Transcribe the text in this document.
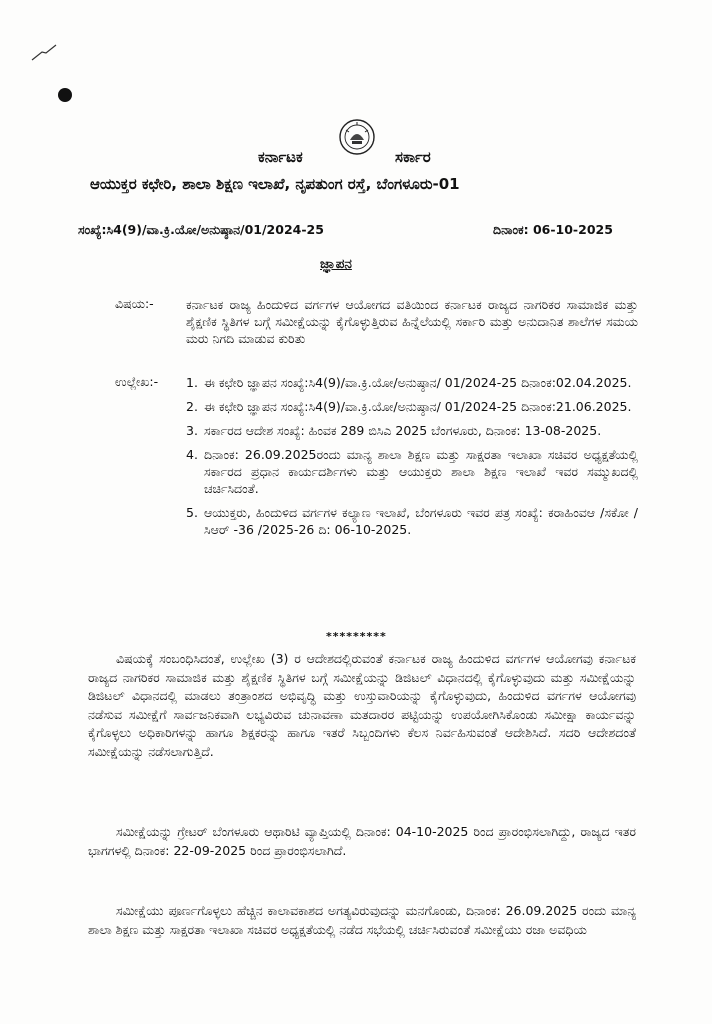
ಕರ್ನಾಟಕ	ಸರ್ಕಾರ
ಆಯುಕ್ತರ ಕಛೇರಿ, ಶಾಲಾ ಶಿಕ್ಷಣ ಇಲಾಖೆ, ನೃಪತುಂಗ ರಸ್ತೆ, ಬೆಂಗಳೂರು-01
ಸಂಖ್ಯೆ:ಸಿ4(9)/ವಾ.ಕ್ರಿ.ಯೋ/ಅನುಷ್ಠಾನ/01/2024-25	ದಿನಾಂಕ: 06-10-2025
ಜ್ಞಾಪನ
ವಿಷಯ:-	ಕರ್ನಾಟಕ ರಾಜ್ಯ ಹಿಂದುಳಿದ ವರ್ಗಗಳ ಆಯೋಗದ ವತಿಯಿಂದ ಕರ್ನಾಟಕ ರಾಜ್ಯದ ನಾಗರಿಕರ ಸಾಮಾಜಿಕ ಮತ್ತು ಶೈಕ್ಷಣಿಕ ಸ್ಥಿತಿಗಳ ಬಗ್ಗೆ ಸಮೀಕ್ಷೆಯನ್ನು ಕೈಗೊಳ್ಳುತ್ತಿರುವ ಹಿನ್ನೆಲೆಯಲ್ಲಿ ಸರ್ಕಾರಿ ಮತ್ತು ಅನುದಾನಿತ ಶಾಲೆಗಳ ಸಮಯ ಮರು ನಿಗದಿ ಮಾಡುವ ಕುರಿತು
ಉಲ್ಲೇಖ:- 1. ಈ ಕಛೇರಿ ಜ್ಞಾಪನ ಸಂಖ್ಯೆ:ಸಿ4(9)/ವಾ.ಕ್ರಿ.ಯೋ/ಅನುಷ್ಠಾನ/ 01/2024-25 ದಿನಾಂಕ:02.04.2025.
2. ಈ ಕಛೇರಿ ಜ್ಞಾಪನ ಸಂಖ್ಯೆ:ಸಿ4(9)/ವಾ.ಕ್ರಿ.ಯೋ/ಅನುಷ್ಠಾನ/ 01/2024-25 ದಿನಾಂಕ:21.06.2025.
3. ಸರ್ಕಾರದ ಆದೇಶ ಸಂಖ್ಯೆ: ಹಿಂವಕ 289 ಬಿಸಿಎ 2025 ಬೆಂಗಳೂರು, ದಿನಾಂಕ: 13-08-2025.
4. ದಿನಾಂಕ: 26.09.2025ರಂದು ಮಾನ್ಯ ಶಾಲಾ ಶಿಕ್ಷಣ ಮತ್ತು ಸಾಕ್ಷರತಾ ಇಲಾಖಾ ಸಚಿವರ ಅಧ್ಯಕ್ಷತೆಯಲ್ಲಿ ಸರ್ಕಾರದ ಪ್ರಧಾನ ಕಾರ್ಯದರ್ಶಿಗಳು ಮತ್ತು ಆಯುಕ್ತರು ಶಾಲಾ ಶಿಕ್ಷಣ ಇಲಾಖೆ ಇವರ ಸಮ್ಮುಖದಲ್ಲಿ ಚರ್ಚಿಸಿದಂತೆ.
5. ಆಯುಕ್ತರು, ಹಿಂದುಳಿದ ವರ್ಗಗಳ ಕಲ್ಯಾಣ ಇಲಾಖೆ, ಬೆಂಗಳೂರು ಇವರ ಪತ್ರ ಸಂಖ್ಯೆ: ಕರಾಹಿಂವಆ /ಸಕೋ /ಸಿಆರ್ -36 /2025-26 ದಿ: 06-10-2025.
*********
ವಿಷಯಕ್ಕೆ ಸಂಬಂಧಿಸಿದಂತೆ, ಉಲ್ಲೇಖ (3) ರ ಆದೇಶದಲ್ಲಿರುವಂತೆ ಕರ್ನಾಟಕ ರಾಜ್ಯ ಹಿಂದುಳಿದ ವರ್ಗಗಳ ಆಯೋಗವು ಕರ್ನಾಟಕ ರಾಜ್ಯದ ನಾಗರಿಕರ ಸಾಮಾಜಿಕ ಮತ್ತು ಶೈಕ್ಷಣಿಕ ಸ್ಥಿತಿಗಳ ಬಗ್ಗೆ ಸಮೀಕ್ಷೆಯನ್ನು ಡಿಜಿಟಲ್ ವಿಧಾನದಲ್ಲಿ ಕೈಗೊಳ್ಳುವುದು ಮತ್ತು ಸಮೀಕ್ಷೆಯನ್ನು ಡಿಜಿಟಲ್ ವಿಧಾನದಲ್ಲಿ ಮಾಡಲು ತಂತ್ರಾಂಶದ ಅಭಿವೃದ್ಧಿ ಮತ್ತು ಉಸ್ತುವಾರಿಯನ್ನು ಕೈಗೊಳ್ಳುವುದು, ಹಿಂದುಳಿದ ವರ್ಗಗಳ ಆಯೋಗವು ನಡೆಸುವ ಸಮೀಕ್ಷೆಗೆ ಸಾರ್ವಜನಿಕವಾಗಿ ಲಭ್ಯವಿರುವ ಚುನಾವಣಾ ಮತದಾರರ ಪಟ್ಟಿಯನ್ನು ಉಪಯೋಗಿಸಿಕೊಂಡು ಸಮೀಕ್ಷಾ ಕಾರ್ಯವನ್ನು ಕೈಗೊಳ್ಳಲು ಅಧಿಕಾರಿಗಳನ್ನು ಹಾಗೂ ಶಿಕ್ಷಕರನ್ನು ಹಾಗೂ ಇತರೆ ಸಿಬ್ಬಂದಿಗಳು ಕೆಲಸ ನಿರ್ವಹಿಸುವಂತೆ ಆದೇಶಿಸಿದೆ. ಸದರಿ ಆದೇಶದಂತೆ ಸಮೀಕ್ಷೆಯನ್ನು ನಡೆಸಲಾಗುತ್ತಿದೆ.
ಸಮೀಕ್ಷೆಯನ್ನು ಗ್ರೇಟರ್ ಬೆಂಗಳೂರು ಆಥಾರಿಟಿ ವ್ಯಾಪ್ತಿಯಲ್ಲಿ ದಿನಾಂಕ: 04-10-2025 ರಿಂದ ಪ್ರಾರಂಭಿಸಲಾಗಿದ್ದು, ರಾಜ್ಯದ ಇತರ ಭಾಗಗಳಲ್ಲಿ ದಿನಾಂಕ: 22-09-2025 ರಿಂದ ಪ್ರಾರಂಭಿಸಲಾಗಿದೆ.
ಸಮೀಕ್ಷೆಯು ಪೂರ್ಣಗೊಳ್ಳಲು ಹೆಚ್ಚಿನ ಕಾಲಾವಕಾಶದ ಅಗತ್ಯವಿರುವುದನ್ನು ಮನಗೊಂಡು, ದಿನಾಂಕ: 26.09.2025 ರಂದು ಮಾನ್ಯ ಶಾಲಾ ಶಿಕ್ಷಣ ಮತ್ತು ಸಾಕ್ಷರತಾ ಇಲಾಖಾ ಸಚಿವರ ಅಧ್ಯಕ್ಷತೆಯಲ್ಲಿ ನಡೆದ ಸಭೆಯಲ್ಲಿ ಚರ್ಚಿಸಿರುವಂತೆ ಸಮೀಕ್ಷೆಯು ರಜಾ ಅವಧಿಯ
